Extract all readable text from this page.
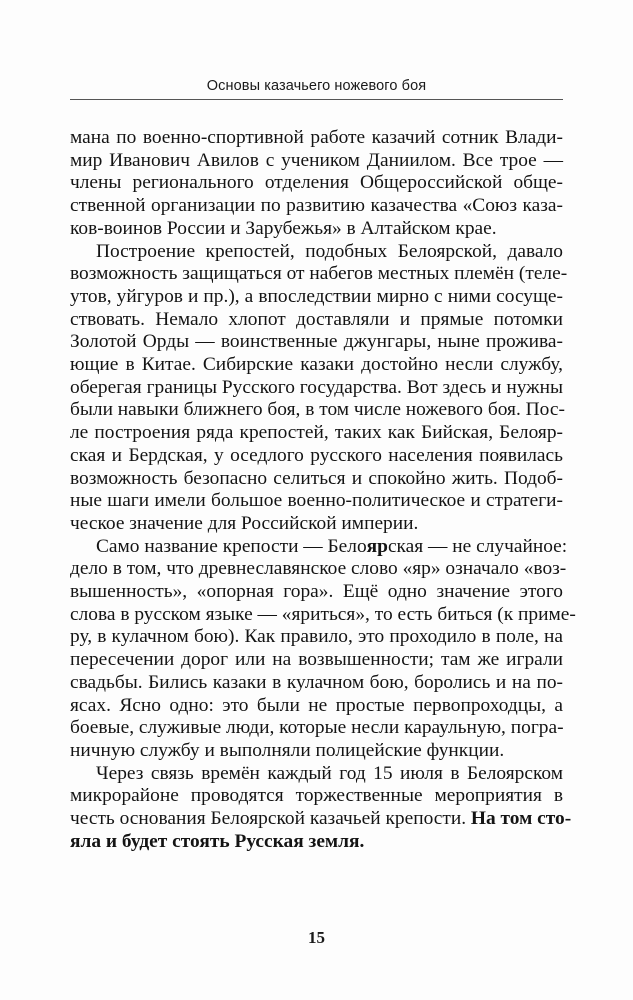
Основы казачьего ножевого боя
мана по военно-спортивной работе казачий сотник Влади-
мир Иванович Авилов с учеником Даниилом. Все трое —
члены регионального отделения Общероссийской обще-
ственной организации по развитию казачества «Союз каза-
ков-воинов России и Зарубежья» в Алтайском крае.
Построение крепостей, подобных Белоярской, давало
возможность защищаться от набегов местных племён (теле-
утов, уйгуров и пр.), а впоследствии мирно с ними сосуще-
ствовать. Немало хлопот доставляли и прямые потомки
Золотой Орды — воинственные джунгары, ныне прожива-
ющие в Китае. Сибирские казаки достойно несли службу,
оберегая границы Русского государства. Вот здесь и нужны
были навыки ближнего боя, в том числе ножевого боя. Пос-
ле построения ряда крепостей, таких как Бийская, Белояр-
ская и Бердская, у оседлого русского населения появилась
возможность безопасно селиться и спокойно жить. Подоб-
ные шаги имели большое военно-политическое и стратеги-
ческое значение для Российской империи.
Само название крепости — Белоярская — не случайное:
дело в том, что древнеславянское слово «яр» означало «воз-
вышенность», «опорная гора». Ещё одно значение этого
слова в русском языке — «яриться», то есть биться (к приме-
ру, в кулачном бою). Как правило, это проходило в поле, на
пересечении дорог или на возвышенности; там же играли
свадьбы. Бились казаки в кулачном бою, боролись и на по-
ясах. Ясно одно: это были не простые первопроходцы, а
боевые, служивые люди, которые несли караульную, погра-
ничную службу и выполняли полицейские функции.
Через связь времён каждый год 15 июля в Белоярском
микрорайоне проводятся торжественные мероприятия в
честь основания Белоярской казачьей крепости. На том сто-
яла и будет стоять Русская земля.
15
